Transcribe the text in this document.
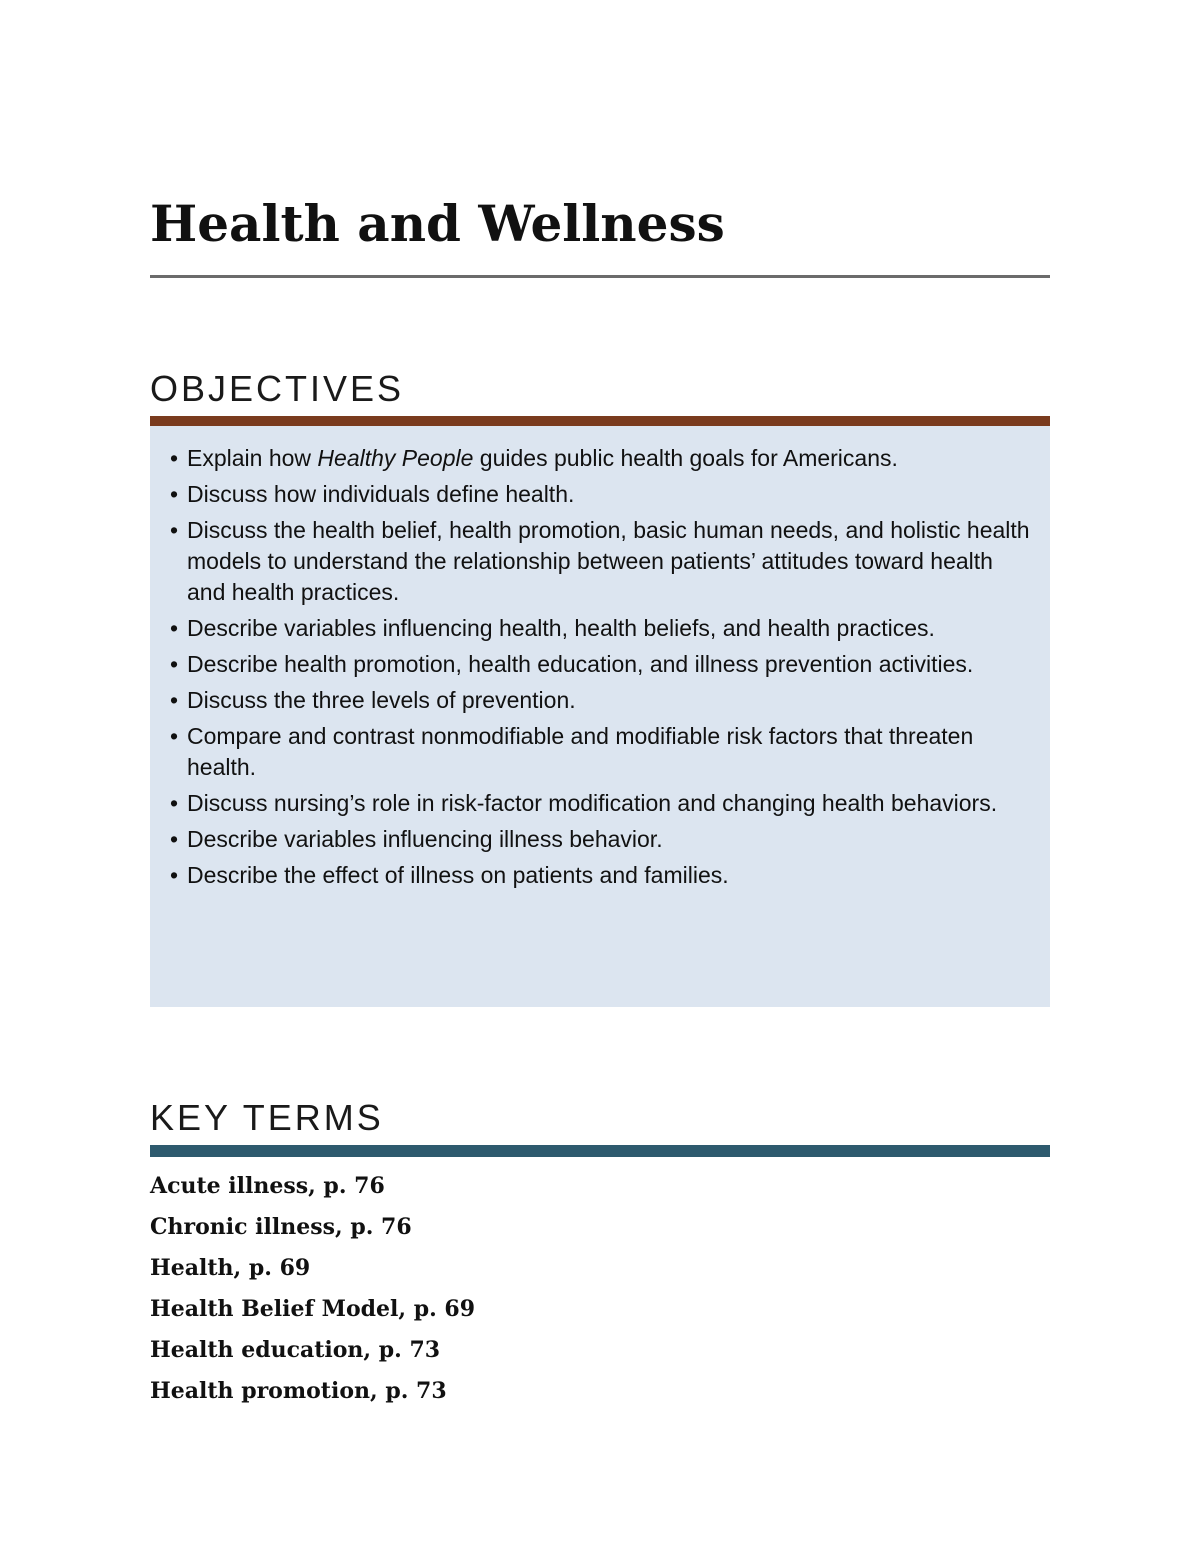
Health and Wellness
OBJECTIVES
• Explain how Healthy People guides public health goals for Americans.
• Discuss how individuals define health.
• Discuss the health belief, health promotion, basic human needs, and holistic health models to understand the relationship between patients’ attitudes toward health and health practices.
• Describe variables influencing health, health beliefs, and health practices.
• Describe health promotion, health education, and illness prevention activities.
• Discuss the three levels of prevention.
• Compare and contrast nonmodifiable and modifiable risk factors that threaten health.
• Discuss nursing’s role in risk-factor modification and changing health behaviors.
• Describe variables influencing illness behavior.
• Describe the effect of illness on patients and families.
KEY TERMS
Acute illness, p. 76
Chronic illness, p. 76
Health, p. 69
Health Belief Model, p. 69
Health education, p. 73
Health promotion, p. 73
